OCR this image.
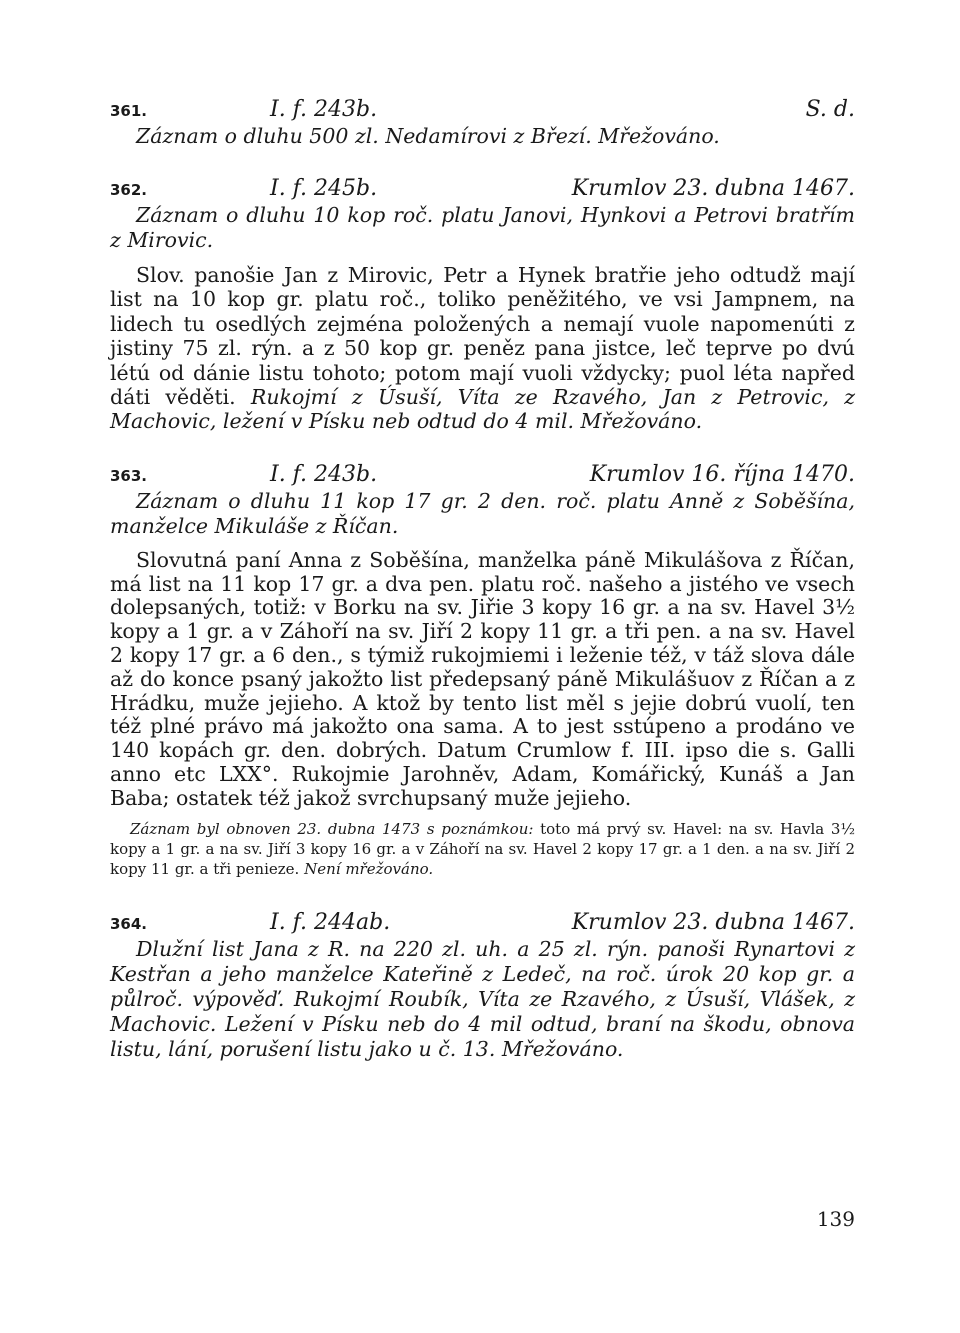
361.	I. f. 243b.	S. d.

Záznam o dluhu 500 zl. Nedamírovi z Březí. Mřežováno.

362.	I. f. 245b.	Krumlov 23. dubna 1467.

Záznam o dluhu 10 kop roč. platu Janovi, Hynkovi a Petrovi bratřím z Mirovic.

Slov. panošie Jan z Mirovic, Petr a Hynek bratřie jeho odtudž mají list na 10 kop gr. platu roč., toliko peněžitého, ve vsi Jampnem, na lidech tu osedlých zejména položených a nemají vuole napomenúti z jistiny 75 zl. rýn. a z 50 kop gr. peněz pana jistce, leč teprve po dvú létú od dánie listu tohoto; potom mají vuoli vždycky; puol léta napřed dáti věděti. Rukojmí z Úsuší, Víta ze Rzavého, Jan z Petrovic, z Machovic, ležení v Písku neb odtud do 4 mil. Mřežováno.

363.	I. f. 243b.	Krumlov 16. října 1470.

Záznam o dluhu 11 kop 17 gr. 2 den. roč. platu Anně z Soběšína, manželce Mikuláše z Říčan.

Slovutná paní Anna z Soběšína, manželka páně Mikulášova z Říčan, má list na 11 kop 17 gr. a dva pen. platu roč. našeho a jistého ve vsech dolepsaných, totiž: v Borku na sv. Jiřie 3 kopy 16 gr. a na sv. Havel 3½ kopy a 1 gr. a v Záhoří na sv. Jiří 2 kopy 11 gr. a tři pen. a na sv. Havel 2 kopy 17 gr. a 6 den., s týmiž rukojmiemi i leženie též, v táž slova dále až do konce psaný jakožto list předepsaný páně Mikulášuov z Říčan a z Hrádku, muže jejieho. A ktož by tento list měl s jejie dobrú vuolí, ten též plné právo má jakožto ona sama. A to jest sstúpeno a prodáno ve 140 kopách gr. den. dobrých. Datum Crumlow f. III. ipso die s. Galli anno etc LXX°. Rukojmie Jarohněv, Adam, Komářický, Kunáš a Jan Baba; ostatek též jakož svrchupsaný muže jejieho.

Záznam byl obnoven 23. dubna 1473 s poznámkou: toto má prvý sv. Havel: na sv. Havla 3½ kopy a 1 gr. a na sv. Jiří 3 kopy 16 gr. a v Záhoří na sv. Havel 2 kopy 17 gr. a 1 den. a na sv. Jiří 2 kopy 11 gr. a tři penieze. Není mřežováno.

364.	I. f. 244ab.	Krumlov 23. dubna 1467.

Dlužní list Jana z R. na 220 zl. uh. a 25 zl. rýn. panoši Rynartovi z Kestřan a jeho manželce Kateřině z Ledeč, na roč. úrok 20 kop gr. a půlroč. výpověď. Rukojmí Roubík, Víta ze Rzavého, z Úsuší, Vlášek, z Machovic. Ležení v Písku neb do 4 mil odtud, braní na škodu, obnova listu, lání, porušení listu jako u č. 13. Mřežováno.

139
